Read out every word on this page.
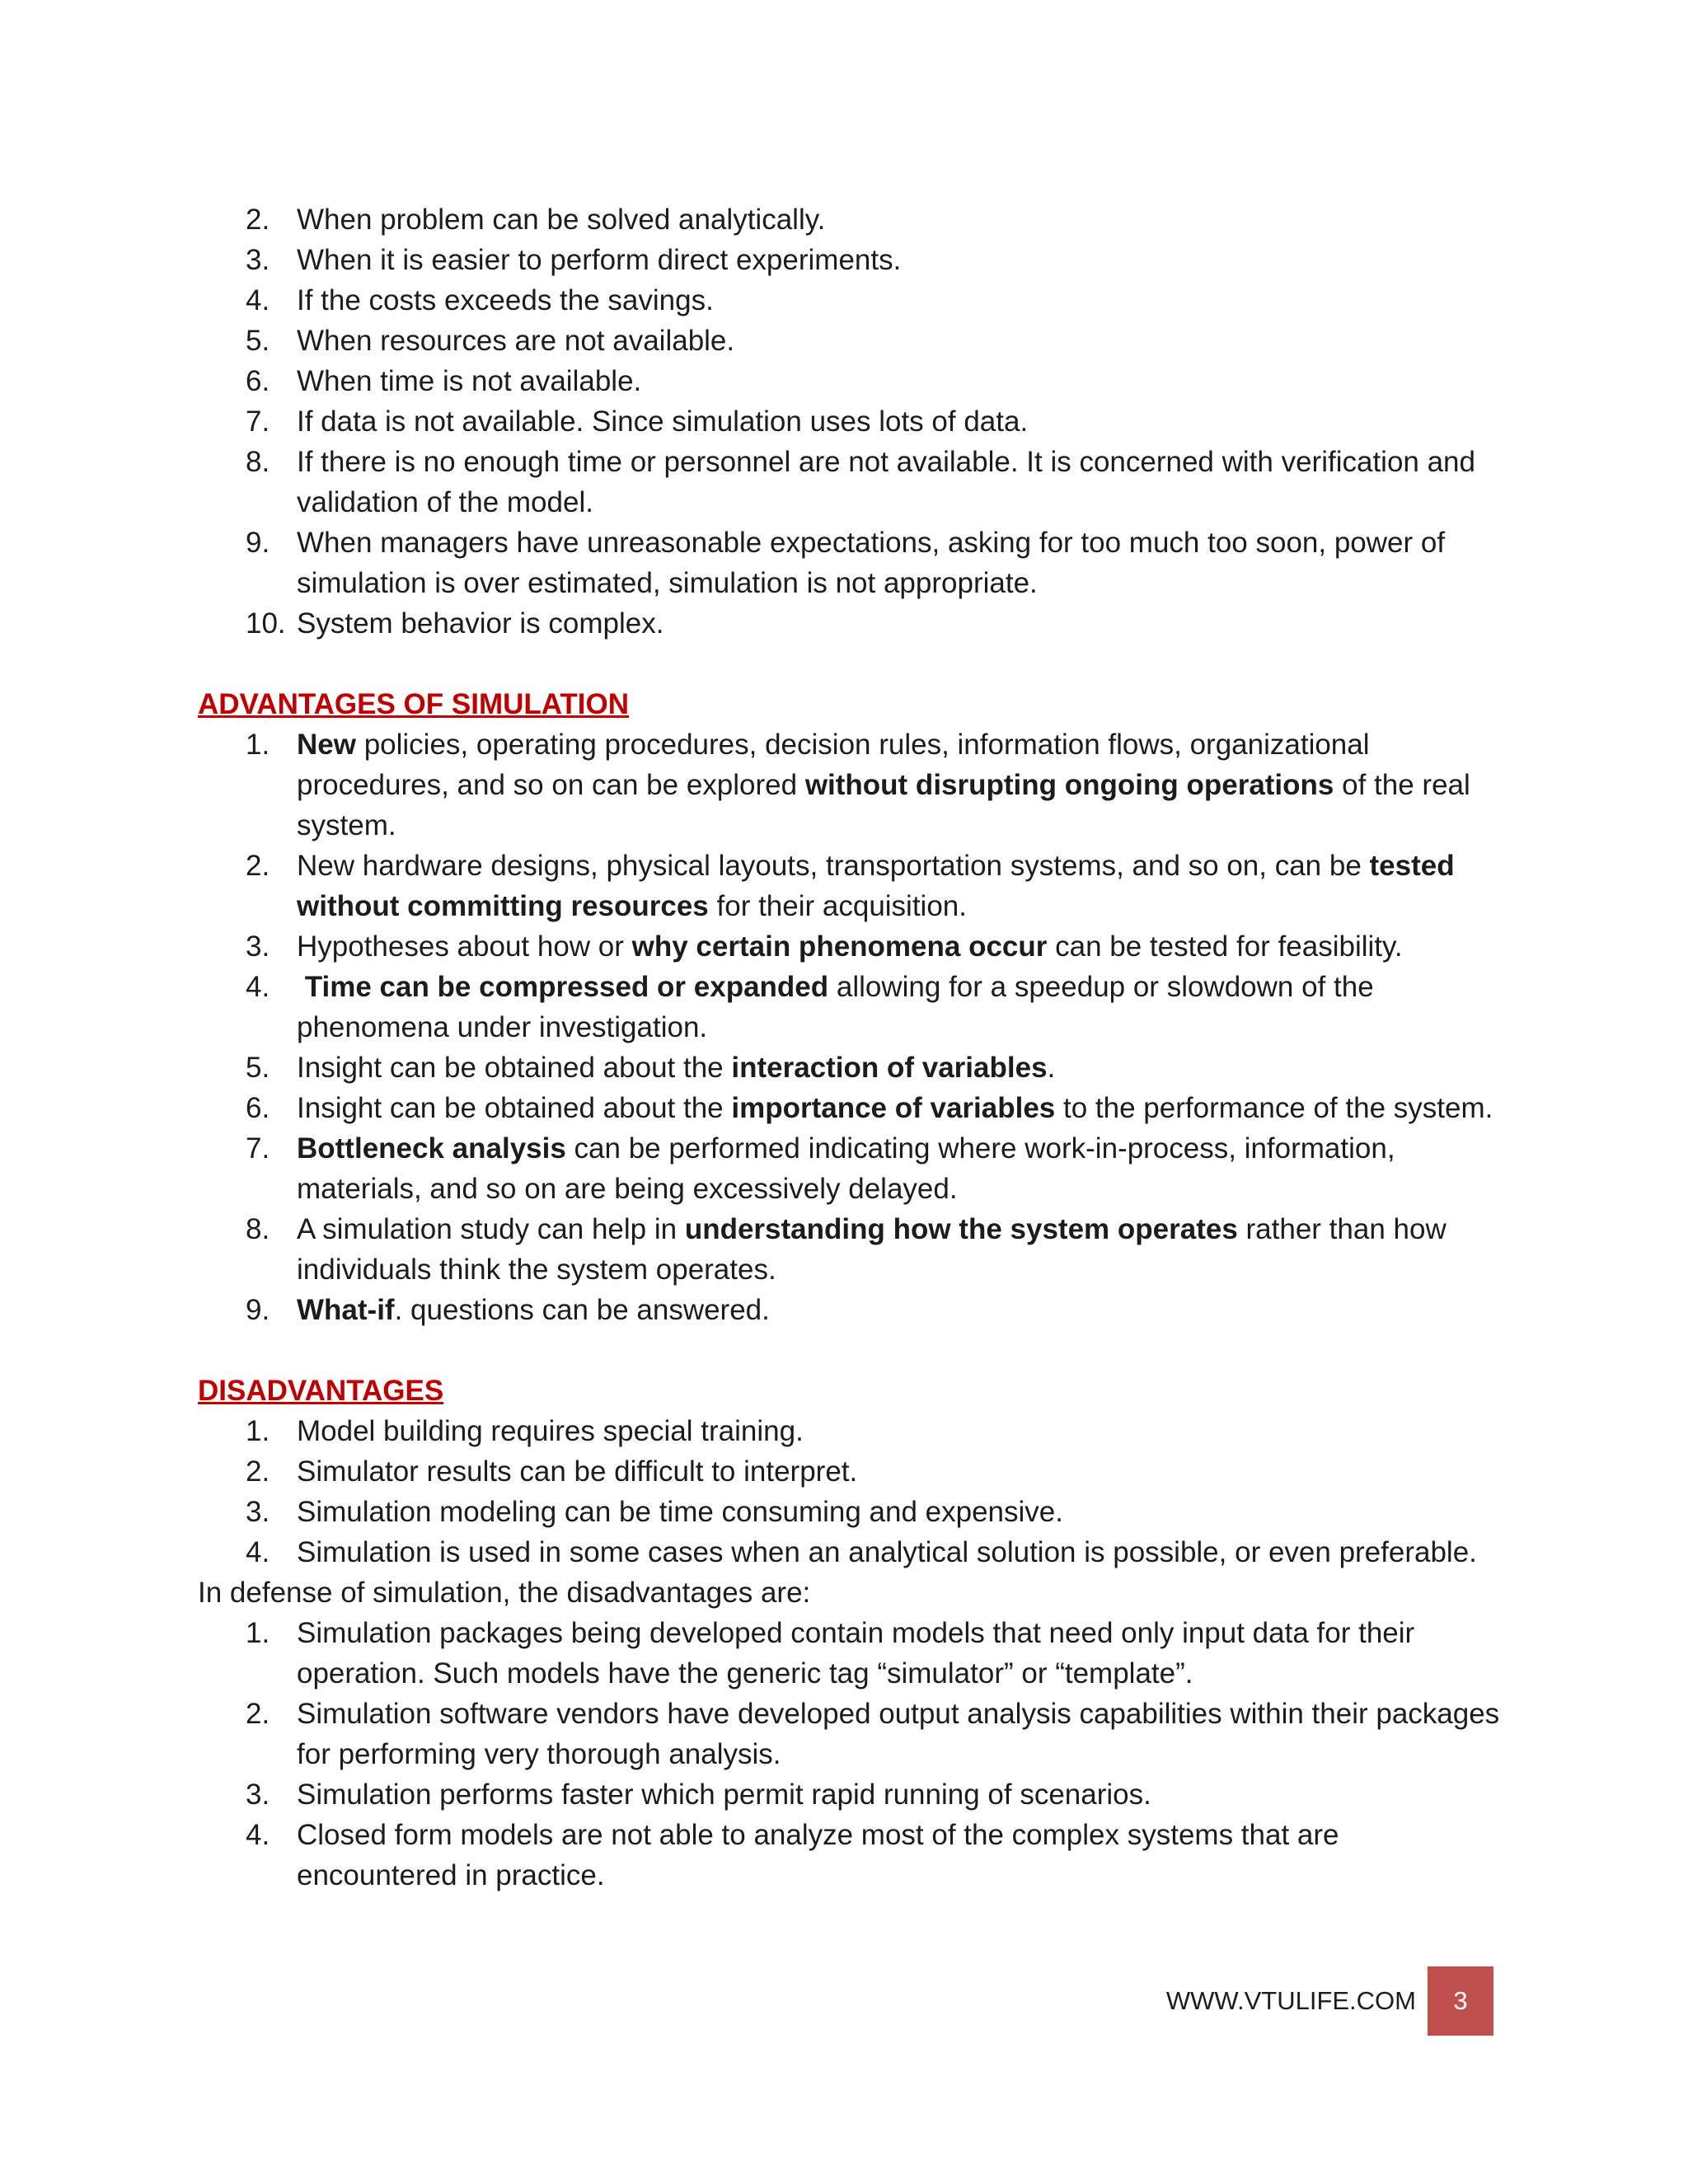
2. When problem can be solved analytically.
3. When it is easier to perform direct experiments.
4. If the costs exceeds the savings.
5. When resources are not available.
6. When time is not available.
7. If data is not available. Since simulation uses lots of data.
8. If there is no enough time or personnel are not available. It is concerned with verification and validation of the model.
9. When managers have unreasonable expectations, asking for too much too soon, power of simulation is over estimated, simulation is not appropriate.
10. System behavior is complex.
ADVANTAGES OF SIMULATION
1. New policies, operating procedures, decision rules, information flows, organizational procedures, and so on can be explored without disrupting ongoing operations of the real system.
2. New hardware designs, physical layouts, transportation systems, and so on, can be tested without committing resources for their acquisition.
3. Hypotheses about how or why certain phenomena occur can be tested for feasibility.
4. Time can be compressed or expanded allowing for a speedup or slowdown of the phenomena under investigation.
5. Insight can be obtained about the interaction of variables.
6. Insight can be obtained about the importance of variables to the performance of the system.
7. Bottleneck analysis can be performed indicating where work-in-process, information, materials, and so on are being excessively delayed.
8. A simulation study can help in understanding how the system operates rather than how individuals think the system operates.
9. What-if. questions can be answered.
DISADVANTAGES
1. Model building requires special training.
2. Simulator results can be difficult to interpret.
3. Simulation modeling can be time consuming and expensive.
4. Simulation is used in some cases when an analytical solution is possible, or even preferable.

In defense of simulation, the disadvantages are:

1. Simulation packages being developed contain models that need only input data for their operation. Such models have the generic tag “simulator” or “template”.
2. Simulation software vendors have developed output analysis capabilities within their packages for performing very thorough analysis.
3. Simulation performs faster which permit rapid running of scenarios.
4. Closed form models are not able to analyze most of the complex systems that are encountered in practice.
WWW.VTULIFE.COM	3
